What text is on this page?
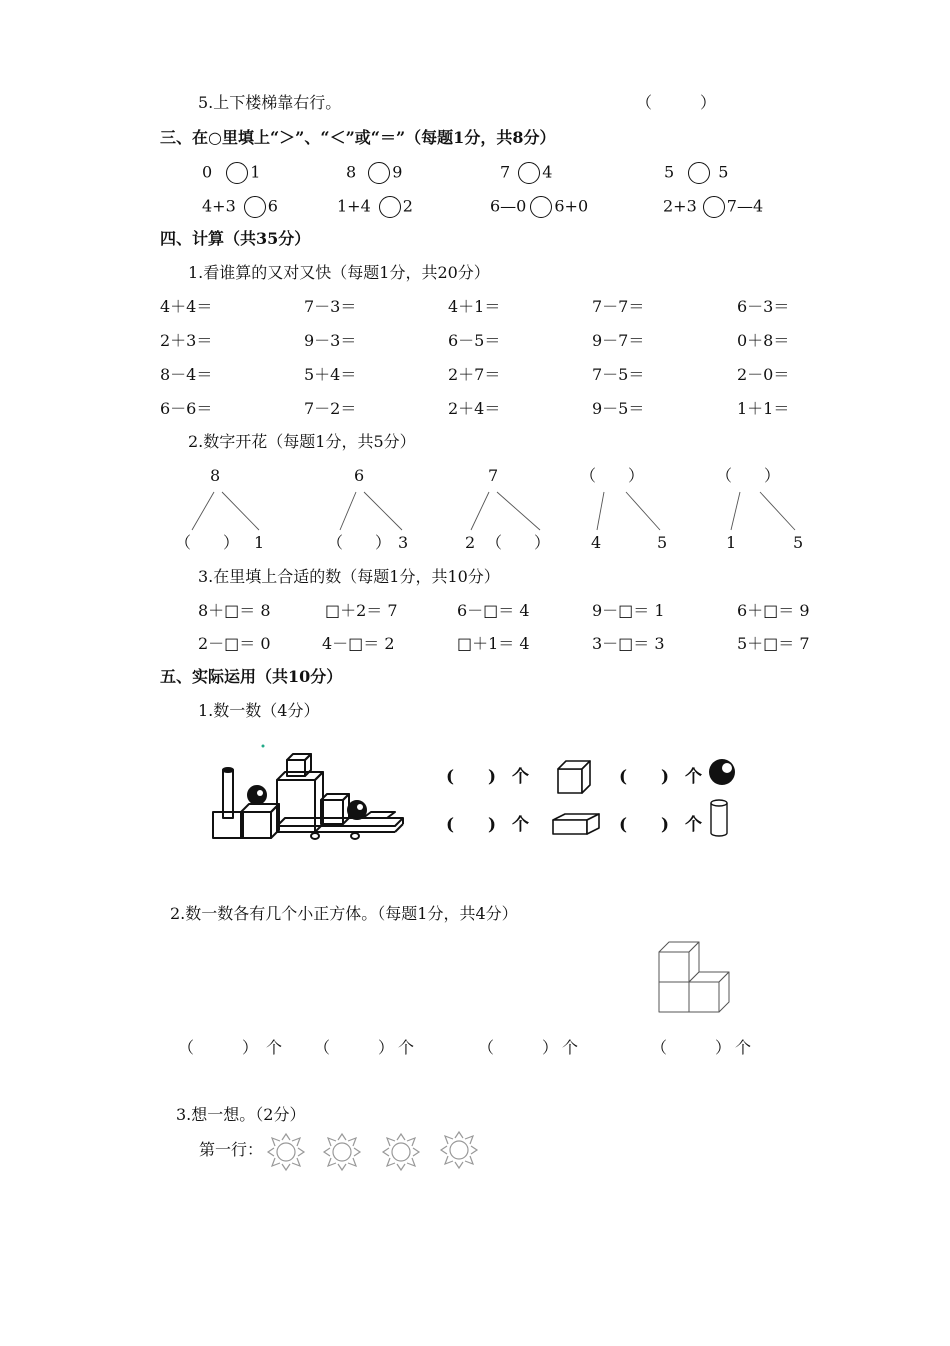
5.上下楼梯靠右行。	（　　　）
三、在○里填上“＞”、“＜”或“＝”（每题1分，共8分）
0 1	8 9	7 4	5	5
4+3 6	1+4 2	6—0 6+0	2+3 7—4
四、计算（共35分）
1.看谁算的又对又快（每题1分，共20分）
4＋4＝	7－3＝	4＋1＝	7－7＝	6－3＝
2＋3＝	9－3＝	6－5＝	9－7＝	0＋8＝
8－4＝	5＋4＝	2＋7＝	7－5＝	2－0＝
6－6＝	7－2＝	2＋4＝	9－5＝	1＋1＝
2.数字开花（每题1分，共5分）
8
（　　） 1
6
（　　） 3
7
2 （　　）
（　　）
4	5
（　　）
1	5
3.在里填上合适的数（每题1分，共10分）
8＋□＝ 8	□＋2＝ 7	6－□＝ 4	9－□＝ 1	6＋□＝ 9
2－□＝ 0	4－□＝ 2	□＋1＝ 4	3－□＝ 3	5＋□＝ 7
五、实际运用（共10分）
1.数一数（4分）
(　　) 个	(　　) 个
(　　) 个	(　　) 个
2.数一数各有几个小正方体。（每题1分，共4分）
（　　　） 个 （　　　） 个	（　　　） 个	（　　　） 个
3.想一想。（2分）
第一行：
